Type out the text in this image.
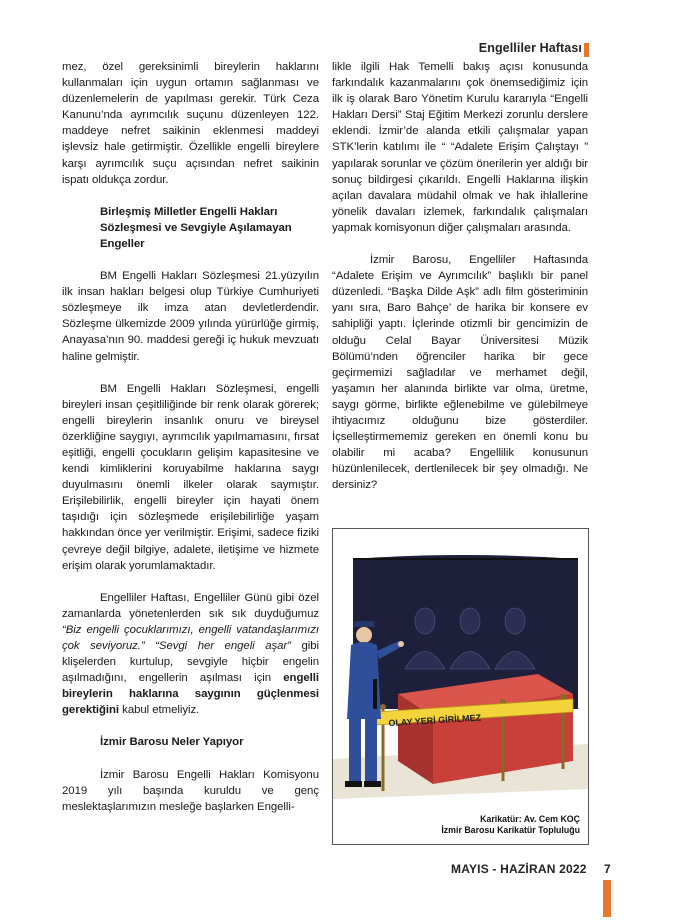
Engelliler Haftası

mez, özel gereksinimli bireylerin haklarını kullanmaları için uygun ortamın sağlanması ve düzenlemelerin de yapılması gerekir. Türk Ceza Kanunu’nda ayrımcılık suçunu düzenleyen 122. maddeye nefret saikinin eklenmesi maddeyi işlevsiz hale getirmiştir. Özellikle engelli bireylere karşı ayrımcılık suçu açısından nefret saikinin ispatı oldukça zordur.

Birleşmiş Milletler Engelli Hakları Sözleşmesi ve Sevgiyle Aşılamayan Engeller

BM Engelli Hakları Sözleşmesi 21.yüzyılın ilk insan hakları belgesi olup Türkiye Cumhuriyeti sözleşmeye ilk imza atan devletlerdendir. Sözleşme ülkemizde 2009 yılında yürürlüğe girmiş, Anayasa’nın 90. maddesi gereği iç hukuk mevzuatı haline gelmiştir.

BM Engelli Hakları Sözleşmesi, engelli bireyleri insan çeşitliliğinde bir renk olarak görerek; engelli bireylerin insanlık onuru ve bireysel özerkliğine saygıyı, ayrımcılık yapılmamasını, fırsat eşitliği, engelli çocukların gelişim kapasitesine ve kendi kimliklerini koruyabilme haklarına saygı duyulmasını önemli ilkeler olarak saymıştır. Erişilebilirlik, engelli bireyler için hayati önem taşıdığı için sözleşmede erişilebilirliğe yaşam hakkından önce yer verilmiştir. Erişimi, sadece fiziki çevreye değil bilgiye, adalete, iletişime ve hizmete erişim olarak yorumlamaktadır.

Engelliler Haftası, Engelliler Günü gibi özel zamanlarda yönetenlerden sık sık duyduğumuz “Biz engelli çocuklarımızı, engelli vatandaşlarımızı çok seviyoruz.” “Sevgi her engeli aşar” gibi klişelerden kurtulup, sevgiyle hiçbir engelin aşılmadığını, engellerin aşılması için engelli bireylerin haklarına saygının güçlenmesi gerektiğini kabul etmeliyiz.

İzmir Barosu Neler Yapıyor

İzmir Barosu Engelli Hakları Komisyonu 2019 yılı başında kuruldu ve genç meslektaşlarımızın mesleğe başlarken Engelli-

likle ilgili Hak Temelli bakış açısı konusunda farkındalık kazanmalarını çok önemsediğimiz için ilk iş olarak Baro Yönetim Kurulu kararıyla “Engelli Hakları Dersi” Staj Eğitim Merkezi zorunlu derslere eklendi. İzmir’de alanda etkili çalışmalar yapan STK’lerin katılımı ile “ “Adalete Erişim Çalıştayı ” yapılarak sorunlar ve çözüm önerilerin yer aldığı bir sonuç bildirgesi çıkarıldı. Engelli Haklarına ilişkin açılan davalara müdahil olmak ve hak ihlallerine yönelik davaları izlemek, farkındalık çalışmaları yapmak komisyonun diğer çalışmaları arasında.

İzmir Barosu, Engelliler Haftasında “Adalete Erişim ve Ayrımcılık” başlıklı bir panel düzenledi. “Başka Dilde Aşk” adlı film gösteriminin yanı sıra, Baro Bahçe’ de harika bir konsere ev sahipliği yaptı. İçlerinde otizmli bir gencimizin de olduğu Celal Bayar Üniversitesi Müzik Bölümü’nden öğrenciler harika bir gece geçirmemizi sağladılar ve merhamet değil, yaşamın her alanında birlikte var olma, üretme, saygı görme, birlikte eğlenebilme ve gülebilmeye ihtiyacımız olduğunu bize gösterdiler. İçselleştirmememiz gereken en önemli konu bu olabilir mi acaba? Engellilik konusunun hüzünlenilecek, dertlenilecek bir şey olmadığı. Ne dersiniz?

OLAY YERİ GİRİLMEZ
Karikatür: Av. Cem KOÇ
İzmir Barosu Karikatür Topluluğu
MAYIS - HAZİRAN 2022 7
